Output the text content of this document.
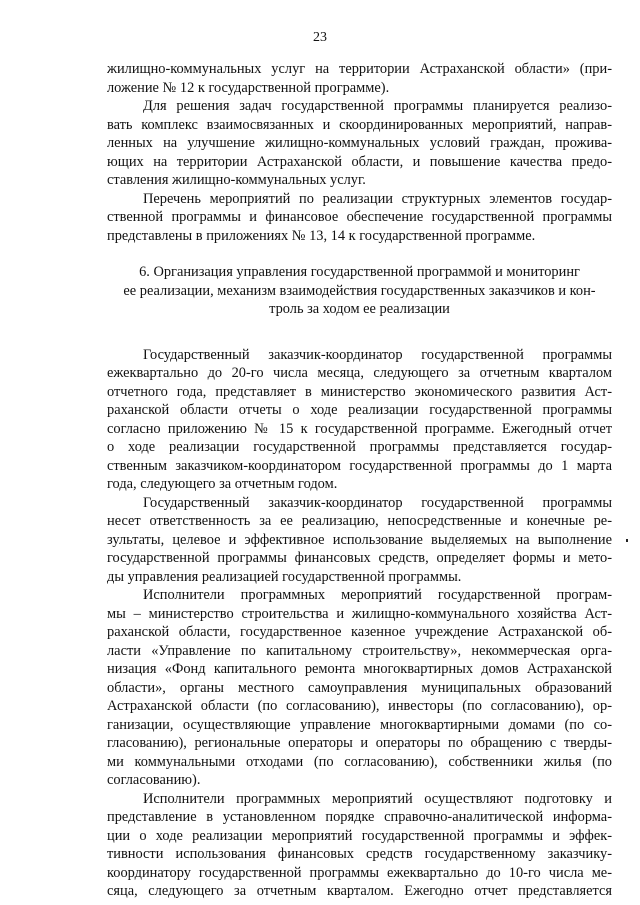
23

жилищно-коммунальных услуг на территории Астраханской области» (при-
ложение № 12 к государственной программе).

Для решения задач государственной программы планируется реализо-
вать комплекс взаимосвязанных и скоординированных мероприятий, направ-
ленных на улучшение жилищно-коммунальных условий граждан, прожива-
ющих на территории Астраханской области, и повышение качества предо-
ставления жилищно-коммунальных услуг.

Перечень мероприятий по реализации структурных элементов государ-
ственной программы и финансовое обеспечение государственной программы
представлены в приложениях № 13, 14 к государственной программе.

6. Организация управления государственной программой и мониторинг
ее реализации, механизм взаимодействия государственных заказчиков и кон-
троль за ходом ее реализации

Государственный заказчик-координатор государственной программы
ежеквартально до 20-го числа месяца, следующего за отчетным кварталом
отчетного года, представляет в министерство экономического развития Аст-
раханской области отчеты о ходе реализации государственной программы
согласно приложению № 15 к государственной программе. Ежегодный отчет
о ходе реализации государственной программы представляется государ-
ственным заказчиком-координатором государственной программы до 1 марта
года, следующего за отчетным годом.

Государственный заказчик-координатор государственной программы
несет ответственность за ее реализацию, непосредственные и конечные ре-
зультаты, целевое и эффективное использование выделяемых на выполнение
государственной программы финансовых средств, определяет формы и мето-
ды управления реализацией государственной программы.

Исполнители программных мероприятий государственной програм-
мы – министерство строительства и жилищно-коммунального хозяйства Аст-
раханской области, государственное казенное учреждение Астраханской об-
ласти «Управление по капитальному строительству», некоммерческая орга-
низация «Фонд капитального ремонта многоквартирных домов Астраханской
области», органы местного самоуправления муниципальных образований
Астраханской области (по согласованию), инвесторы (по согласованию), ор-
ганизации, осуществляющие управление многоквартирными домами (по со-
гласованию), региональные операторы и операторы по обращению с тверды-
ми коммунальными отходами (по согласованию), собственники жилья (по
согласованию).

Исполнители программных мероприятий осуществляют подготовку и
представление в установленном порядке справочно-аналитической информа-
ции о ходе реализации мероприятий государственной программы и эффек-
тивности использования финансовых средств государственному заказчику-
координатору государственной программы ежеквартально до 10-го числа ме-
сяца, следующего за отчетным кварталом. Ежегодно отчет представляется
